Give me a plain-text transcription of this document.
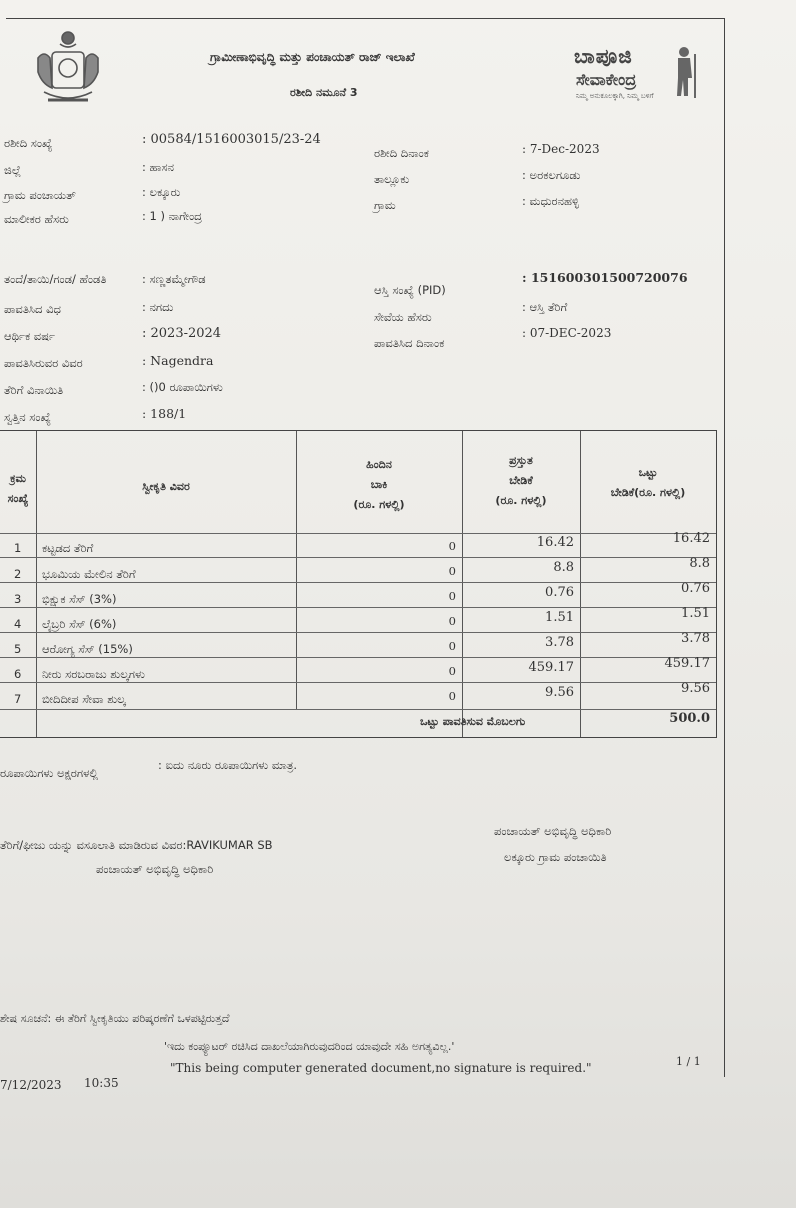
ಗ್ರಾಮೀಣಾಭಿವೃದ್ಧಿ ಮತ್ತು ಪಂಚಾಯತ್ ರಾಜ್ ಇಲಾಖೆ
ರಶೀದಿ ನಮೂನೆ 3
ಬಾಪೂಜಿ
ಸೇವಾಕೇಂದ್ರ
ನಿಮ್ಮ ಅನುಕೂಲಕ್ಕಾಗಿ, ನಿಮ್ಮ ಬಳಿಗೆ
ರಶೀದಿ ಸಂಖ್ಯೆ	: 00584/1516003015/23-24
ಜಿಲ್ಲೆ	: ಹಾಸನ
ಗ್ರಾಮ ಪಂಚಾಯತ್	: ಲಕ್ಕೂರು
ಮಾಲೀಕರ ಹೆಸರು	: 1 ) ನಾಗೇಂದ್ರ
ತಂದೆ/ತಾಯಿ/ಗಂಡ/ ಹೆಂಡತಿ	: ಸಣ್ಣತಮ್ಮೇಗೌಡ
ಪಾವತಿಸಿದ ವಿಧ	: ನಗದು
ಆರ್ಥಿಕ ವರ್ಷ	: 2023-2024
ಪಾವತಿಸಿರುವರ ವಿವರ	: Nagendra
ತೆರಿಗೆ ವಿನಾಯಿತಿ	: ()0 ರೂಪಾಯಿಗಳು
ಸ್ವತ್ತಿನ ಸಂಖ್ಯೆ	: 188/1
ರಶೀದಿ ದಿನಾಂಕ	: 7-Dec-2023
ತಾಲ್ಲೂಕು	: ಅರಕಲಗೂಡು
ಗ್ರಾಮ	: ಮಧುರನಹಳ್ಳಿ
ಆಸ್ತಿ ಸಂಖ್ಯೆ (PID)
: 151600301500720076
ಸೇವೆಯ ಹೆಸರು
: ಆಸ್ತಿ ತೆರಿಗೆ
ಪಾವತಿಸಿದ ದಿನಾಂಕ
: 07-DEC-2023
ಕ್ರಮ
ಸಂಖ್ಯೆ
ಸ್ವೀಕೃತಿ ವಿವರ
ಹಿಂದಿನ
ಬಾಕಿ
(ರೂ. ಗಳಲ್ಲಿ)
ಪ್ರಸ್ತುತ
ಬೇಡಿಕೆ
(ರೂ. ಗಳಲ್ಲಿ)
ಒಟ್ಟು
ಬೇಡಿಕೆ(ರೂ. ಗಳಲ್ಲಿ)
1 ಕಟ್ಟಡದ ತೆರಿಗೆ	0	16.42	16.42
2 ಭೂಮಿಯ ಮೇಲಿನ ತೆರಿಗೆ	0	8.8	8.8
3 ಭಿಕ್ಷುಕ ಸೆಸ್ (3%)	0	0.76	0.76
4 ಲೈಬ್ರರಿ ಸೆಸ್ (6%)	0	1.51	1.51
5 ಆರೋಗ್ಯ ಸೆಸ್ (15%)	0	3.78	3.78
6 ನೀರು ಸರಬರಾಜು ಶುಲ್ಕಗಳು	0	459.17	459.17
7 ಬೀದಿದೀಪ ಸೇವಾ ಶುಲ್ಕ	0	9.56	9.56
ಒಟ್ಟು ಪಾವತಿಸುವ ಮೊಬಲಗು	500.0
ರೂಪಾಯಿಗಳು ಅಕ್ಷರಗಳಲ್ಲಿ
: ಐದು ನೂರು ರೂಪಾಯಿಗಳು ಮಾತ್ರ.
ತೆರಿಗೆ/ಫೀಜು ಯನ್ನು ವಸೂಲಾತಿ ಮಾಡಿರುವ ವಿವರ:RAVIKUMAR SB
ಪಂಚಾಯತ್ ಅಭಿವೃದ್ಧಿ ಅಧಿಕಾರಿ
ಪಂಚಾಯತ್ ಅಭಿವೃದ್ಧಿ ಅಧಿಕಾರಿ
ಲಕ್ಕೂರು ಗ್ರಾಮ ಪಂಚಾಯಿತಿ
ಶೇಷ ಸೂಚನೆ: ಈ ತೆರಿಗೆ ಸ್ವೀಕೃತಿಯು ಪರಿಷ್ಕರಣೆಗೆ ಒಳಪಟ್ಟಿರುತ್ತದೆ
'ಇದು ಕಂಪ್ಯೂಟರ್ ರಚಿಸಿದ ದಾಖಲೆಯಾಗಿರುವುದರಿಂದ ಯಾವುದೇ ಸಹಿ ಅಗತ್ಯವಿಲ್ಲ.'
"This being computer generated document,no signature is required."	1 / 1
7/12/2023 10:35
